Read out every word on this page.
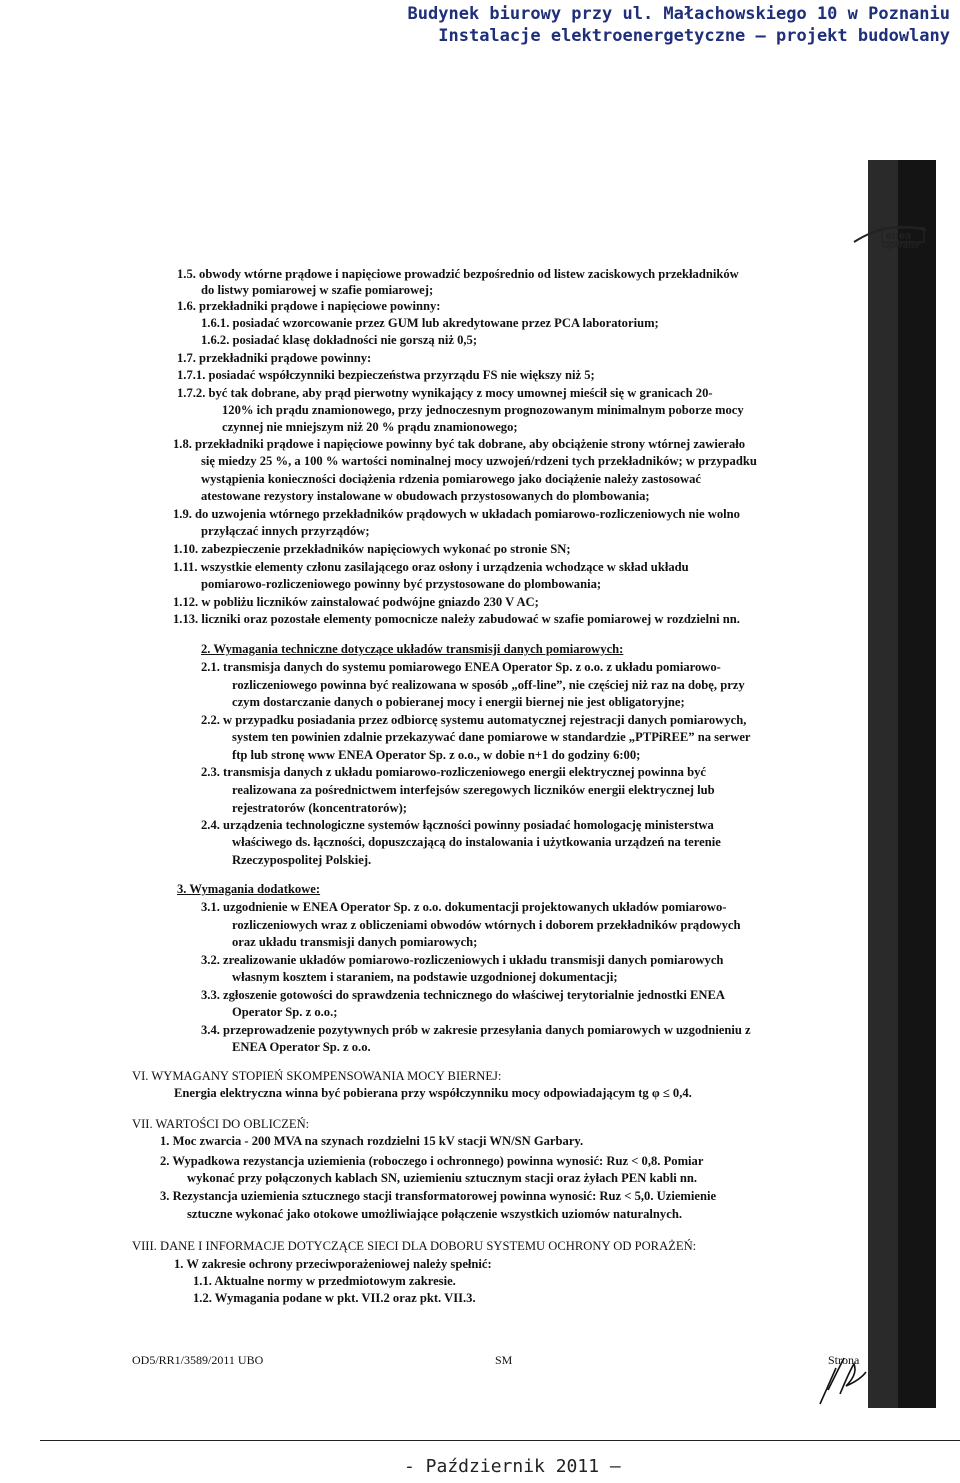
Budynek biurowy przy ul. Małachowskiego 10 w Poznaniu
Instalacje elektroenergetyczne – projekt budowlany
enea
Operator
1.5. obwody wtórne prądowe i napięciowe prowadzić bezpośrednio od listew zaciskowych przekładników
do listwy pomiarowej w szafie pomiarowej;
1.6. przekładniki prądowe i napięciowe powinny:
1.6.1. posiadać wzorcowanie przez GUM lub akredytowane przez PCA laboratorium;
1.6.2. posiadać klasę dokładności nie gorszą niż 0,5;
1.7. przekładniki prądowe powinny:
1.7.1. posiadać współczynniki bezpieczeństwa przyrządu FS nie większy niż 5;
1.7.2. być tak dobrane, aby prąd pierwotny wynikający z mocy umownej mieścił się w granicach 20-
120% ich prądu znamionowego, przy jednoczesnym prognozowanym minimalnym poborze mocy
czynnej nie mniejszym niż 20 % prądu znamionowego;
1.8. przekładniki prądowe i napięciowe powinny być tak dobrane, aby obciążenie strony wtórnej zawierało
się miedzy 25 %, a 100 % wartości nominalnej mocy uzwojeń/rdzeni tych przekładników; w przypadku
wystąpienia konieczności dociążenia rdzenia pomiarowego jako dociążenie należy zastosować
atestowane rezystory instalowane w obudowach przystosowanych do plombowania;
1.9. do uzwojenia wtórnego przekładników prądowych w układach pomiarowo-rozliczeniowych nie wolno
przyłączać innych przyrządów;
1.10. zabezpieczenie przekładników napięciowych wykonać po stronie SN;
1.11. wszystkie elementy członu zasilającego oraz osłony i urządzenia wchodzące w skład układu
pomiarowo-rozliczeniowego powinny być przystosowane do plombowania;
1.12. w pobliżu liczników zainstalować podwójne gniazdo 230 V AC;
1.13. liczniki oraz pozostałe elementy pomocnicze należy zabudować w szafie pomiarowej w rozdzielni nn.
2. Wymagania techniczne dotyczące układów transmisji danych pomiarowych:
2.1. transmisja danych do systemu pomiarowego ENEA Operator Sp. z o.o. z układu pomiarowo-
rozliczeniowego powinna być realizowana w sposób „off-line”, nie częściej niż raz na dobę, przy
czym dostarczanie danych o pobieranej mocy i energii biernej nie jest obligatoryjne;
2.2. w przypadku posiadania przez odbiorcę systemu automatycznej rejestracji danych pomiarowych,
system ten powinien zdalnie przekazywać dane pomiarowe w standardzie „PTPiREE” na serwer
ftp lub stronę www ENEA Operator Sp. z o.o., w dobie n+1 do godziny 6:00;
2.3. transmisja danych z układu pomiarowo-rozliczeniowego energii elektrycznej powinna być
realizowana za pośrednictwem interfejsów szeregowych liczników energii elektrycznej lub
rejestratorów (koncentratorów);
2.4. urządzenia technologiczne systemów łączności powinny posiadać homologację ministerstwa
właściwego ds. łączności, dopuszczającą do instalowania i użytkowania urządzeń na terenie
Rzeczypospolitej Polskiej.
3. Wymagania dodatkowe:
3.1. uzgodnienie w ENEA Operator Sp. z o.o. dokumentacji projektowanych układów pomiarowo-
rozliczeniowych wraz z obliczeniami obwodów wtórnych i doborem przekładników prądowych
oraz układu transmisji danych pomiarowych;
3.2. zrealizowanie układów pomiarowo-rozliczeniowych i układu transmisji danych pomiarowych
własnym kosztem i staraniem, na podstawie uzgodnionej dokumentacji;
3.3. zgłoszenie gotowości do sprawdzenia technicznego do właściwej terytorialnie jednostki ENEA
Operator Sp. z o.o.;
3.4. przeprowadzenie pozytywnych prób w zakresie przesyłania danych pomiarowych w uzgodnieniu z
ENEA Operator Sp. z o.o.
VI. WYMAGANY STOPIEŃ SKOMPENSOWANIA MOCY BIERNEJ:
Energia elektryczna winna być pobierana przy współczynniku mocy odpowiadającym tg φ ≤ 0,4.
VII. WARTOŚCI DO OBLICZEŃ:
1. Moc zwarcia - 200 MVA na szynach rozdzielni 15 kV stacji WN/SN Garbary.
2. Wypadkowa rezystancja uziemienia (roboczego i ochronnego) powinna wynosić: Ruz < 0,8. Pomiar
wykonać przy połączonych kablach SN, uziemieniu sztucznym stacji oraz żyłach PEN kabli nn.
3. Rezystancja uziemienia sztucznego stacji transformatorowej powinna wynosić: Ruz < 5,0. Uziemienie
sztuczne wykonać jako otokowe umożliwiające połączenie wszystkich uziomów naturalnych.
VIII. DANE I INFORMACJE DOTYCZĄCE SIECI DLA DOBORU SYSTEMU OCHRONY OD PORAŻEŃ:
1. W zakresie ochrony przeciwporażeniowej należy spełnić:
1.1. Aktualne normy w przedmiotowym zakresie.
1.2. Wymagania podane w pkt. VII.2 oraz pkt. VII.3.
OD5/RR1/3589/2011 UBO	SM	Strona
- Październik 2011 –
